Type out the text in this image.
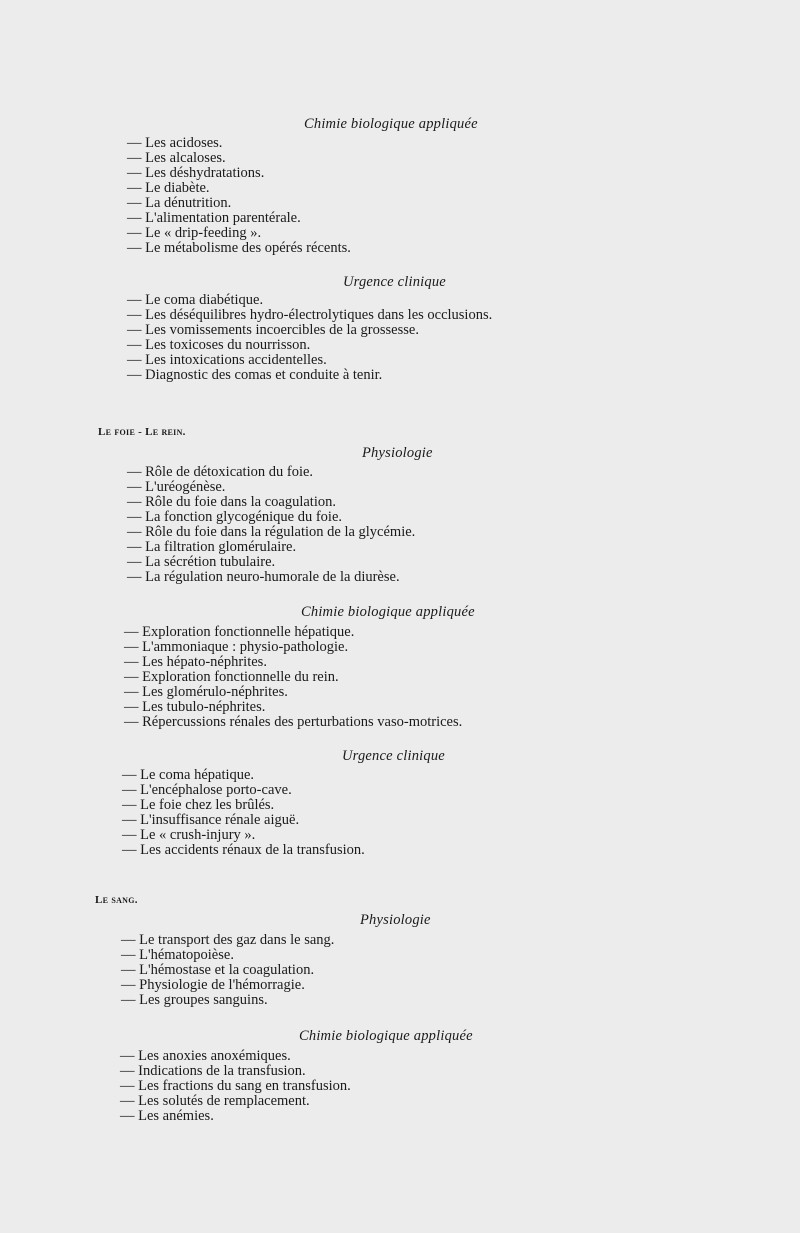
Chimie biologique appliquée
— Les acidoses.
— Les alcaloses.
— Les déshydratations.
— Le diabète.
— La dénutrition.
— L'alimentation parentérale.
— Le « drip-feeding ».
— Le métabolisme des opérés récents.
Urgence clinique
— Le coma diabétique.
— Les déséquilibres hydro-électrolytiques dans les occlusions.
— Les vomissements incoercibles de la grossesse.
— Les toxicoses du nourrisson.
— Les intoxications accidentelles.
— Diagnostic des comas et conduite à tenir.
Le foie - Le rein.
Physiologie
— Rôle de détoxication du foie.
— L'uréogénèse.
— Rôle du foie dans la coagulation.
— La fonction glycogénique du foie.
— Rôle du foie dans la régulation de la glycémie.
— La filtration glomérulaire.
— La sécrétion tubulaire.
— La régulation neuro-humorale de la diurèse.
Chimie biologique appliquée
— Exploration fonctionnelle hépatique.
— L'ammoniaque : physio-pathologie.
— Les hépato-néphrites.
— Exploration fonctionnelle du rein.
— Les glomérulo-néphrites.
— Les tubulo-néphrites.
— Répercussions rénales des perturbations vaso-motrices.
Urgence clinique
— Le coma hépatique.
— L'encéphalose porto-cave.
— Le foie chez les brûlés.
— L'insuffisance rénale aiguë.
— Le « crush-injury ».
— Les accidents rénaux de la transfusion.
Le sang.
Physiologie
— Le transport des gaz dans le sang.
— L'hématopoièse.
— L'hémostase et la coagulation.
— Physiologie de l'hémorragie.
— Les groupes sanguins.
Chimie biologique appliquée
— Les anoxies anoxémiques.
— Indications de la transfusion.
— Les fractions du sang en transfusion.
— Les solutés de remplacement.
— Les anémies.
